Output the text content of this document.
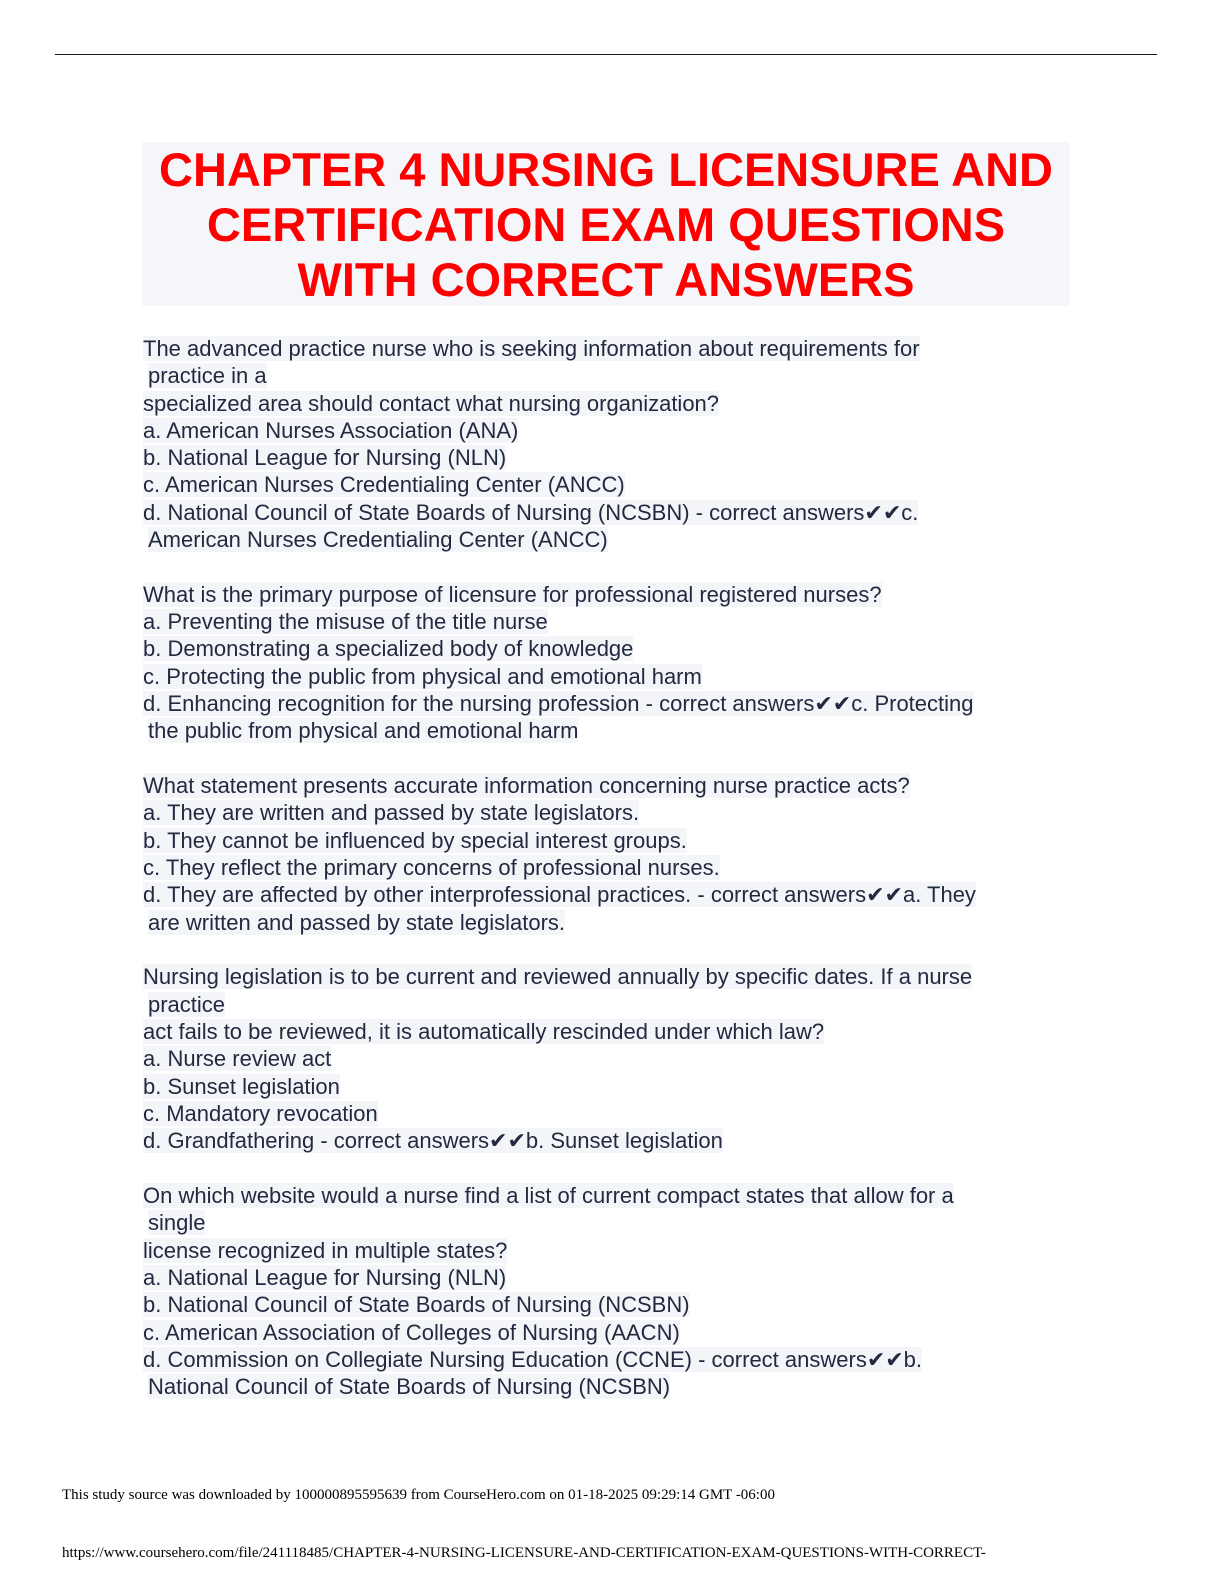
CHAPTER 4 NURSING LICENSURE AND
CERTIFICATION EXAM QUESTIONS
WITH CORRECT ANSWERS
The advanced practice nurse who is seeking information about requirements for
practice in a
specialized area should contact what nursing organization?
a. American Nurses Association (ANA)
b. National League for Nursing (NLN)
c. American Nurses Credentialing Center (ANCC)
d. National Council of State Boards of Nursing (NCSBN) - correct answers✔✔c.
American Nurses Credentialing Center (ANCC)
What is the primary purpose of licensure for professional registered nurses?
a. Preventing the misuse of the title nurse
b. Demonstrating a specialized body of knowledge
c. Protecting the public from physical and emotional harm
d. Enhancing recognition for the nursing profession - correct answers✔✔c. Protecting
the public from physical and emotional harm
What statement presents accurate information concerning nurse practice acts?
a. They are written and passed by state legislators.
b. They cannot be influenced by special interest groups.
c. They reflect the primary concerns of professional nurses.
d. They are affected by other interprofessional practices. - correct answers✔✔a. They
are written and passed by state legislators.
Nursing legislation is to be current and reviewed annually by specific dates. If a nurse
practice
act fails to be reviewed, it is automatically rescinded under which law?
a. Nurse review act
b. Sunset legislation
c. Mandatory revocation
d. Grandfathering - correct answers✔✔b. Sunset legislation
On which website would a nurse find a list of current compact states that allow for a
single
license recognized in multiple states?
a. National League for Nursing (NLN)
b. National Council of State Boards of Nursing (NCSBN)
c. American Association of Colleges of Nursing (AACN)
d. Commission on Collegiate Nursing Education (CCNE) - correct answers✔✔b.
National Council of State Boards of Nursing (NCSBN)
This study source was downloaded by 100000895595639 from CourseHero.com on 01-18-2025 09:29:14 GMT -06:00
https://www.coursehero.com/file/241118485/CHAPTER-4-NURSING-LICENSURE-AND-CERTIFICATION-EXAM-QUESTIONS-WITH-CORRECT-
